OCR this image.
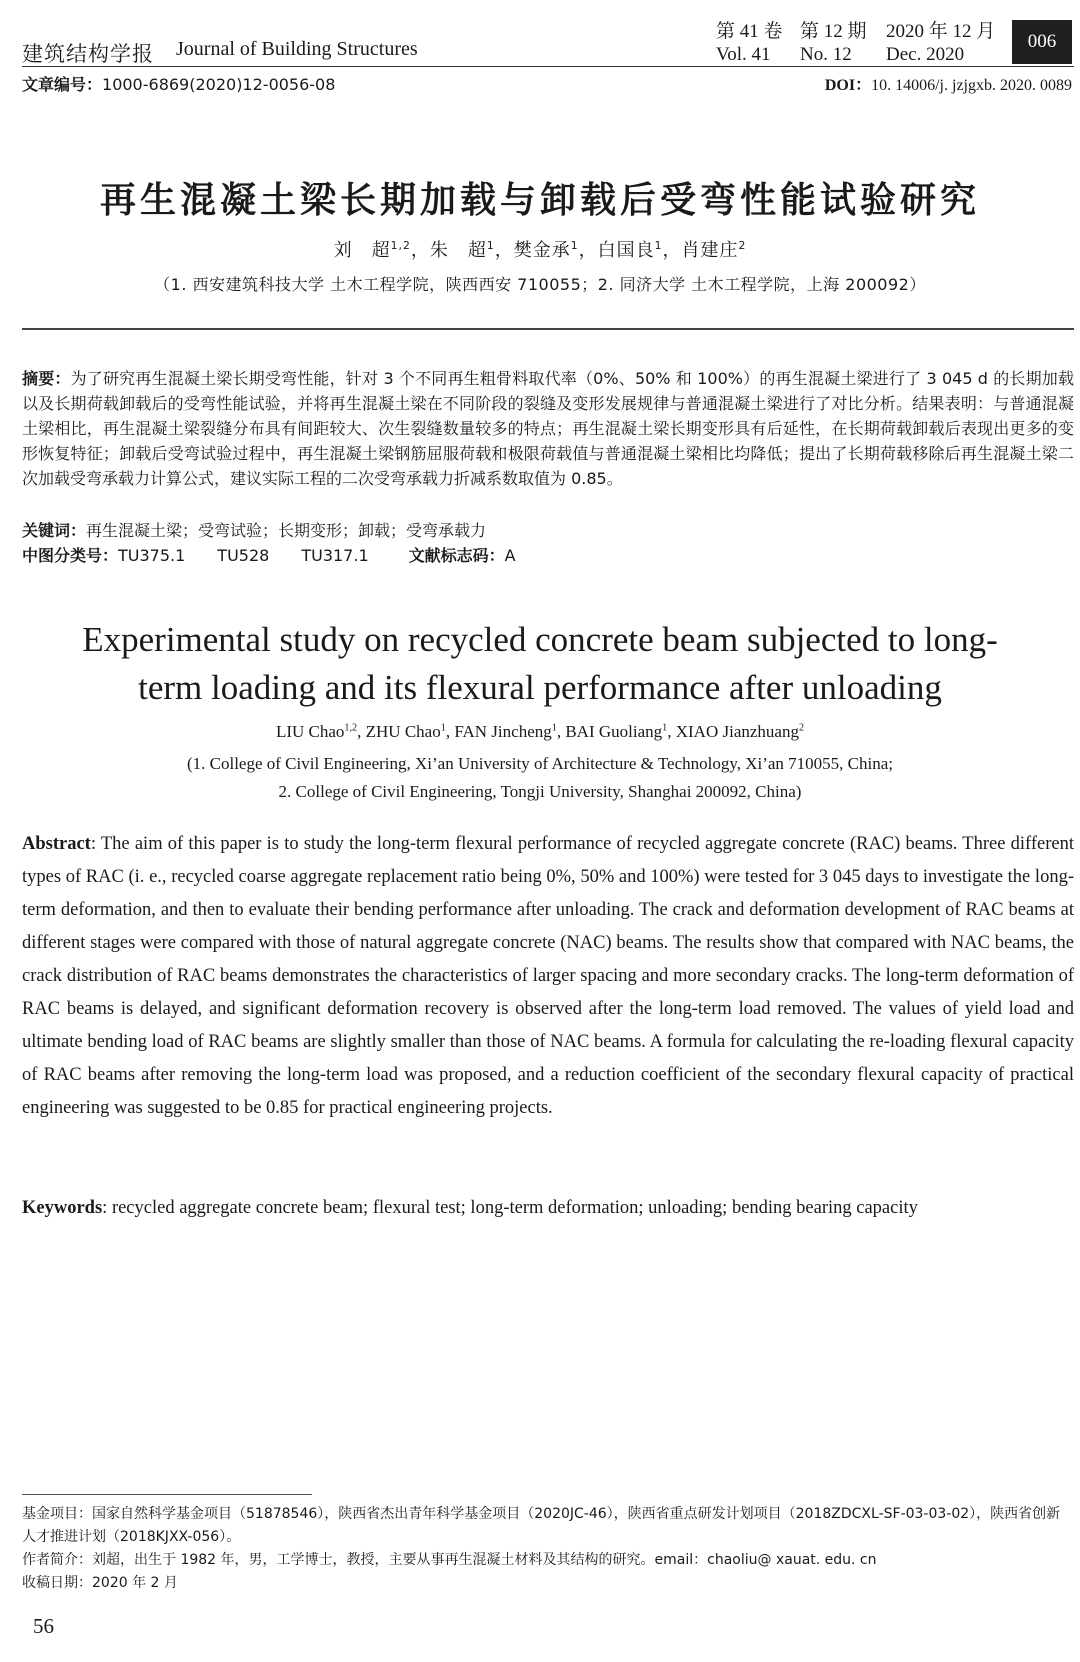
建筑结构学报 Journal of Building Structures
第 41 卷 第 12 期	2020 年 12 月
Vol. 41	No. 12	Dec. 2020
006
文章编号：1000-6869(2020)12-0056-08	DOI：10. 14006/j. jzjgxb. 2020. 0089
再生混凝土梁长期加载与卸载后受弯性能试验研究
刘　超$^{1,2}$，朱　超$^1$，樊金承$^1$，白国良$^1$，肖建庄$^2$
（1. 西安建筑科技大学 土木工程学院，陕西西安 710055；2. 同济大学 土木工程学院，上海 200092）
摘要：为了研究再生混凝土梁长期受弯性能，针对 3 个不同再生粗骨料取代率（0%、50% 和 100%）的再生混凝土梁进行了 3 045 d 的长期加载以及长期荷载卸载后的受弯性能试验，并将再生混凝土梁在不同阶段的裂缝及变形发展规律与普通混凝土梁进行了对比分析。结果表明：与普通混凝土梁相比，再生混凝土梁裂缝分布具有间距较大、次生裂缝数量较多的特点；再生混凝土梁长期变形具有后延性，在长期荷载卸载后表现出更多的变形恢复特征；卸载后受弯试验过程中，再生混凝土梁钢筋屈服荷载和极限荷载值与普通混凝土梁相比均降低；提出了长期荷载移除后再生混凝土梁二次加载受弯承载力计算公式，建议实际工程的二次受弯承载力折减系数取值为 0.85。
关键词：再生混凝土梁；受弯试验；长期变形；卸载；受弯承载力
中图分类号：TU375.1　　TU528　　TU317.1	文献标志码：A
Experimental study on recycled concrete beam subjected to long-
term loading and its flexural performance after unloading
LIU Chao$^{1,2}$, ZHU Chao$^1$, FAN Jincheng$^1$, BAI Guoliang$^1$, XIAO Jianzhuang$^2$
(1. College of Civil Engineering, Xi’an University of Architecture & Technology, Xi’an 710055, China;
2. College of Civil Engineering, Tongji University, Shanghai 200092, China)
Abstract: The aim of this paper is to study the long-term flexural performance of recycled aggregate concrete (RAC) beams. Three different types of RAC (i. e., recycled coarse aggregate replacement ratio being 0%, 50% and 100%) were tested for 3 045 days to investigate the long-term deformation, and then to evaluate their bending performance after unloading. The crack and deformation development of RAC beams at different stages were compared with those of natural aggregate concrete (NAC) beams. The results show that compared with NAC beams, the crack distribution of RAC beams demonstrates the characteristics of larger spacing and more secondary cracks. The long-term deformation of RAC beams is delayed, and significant deformation recovery is observed after the long-term load removed. The values of yield load and ultimate bending load of RAC beams are slightly smaller than those of NAC beams. A formula for calculating the re-loading flexural capacity of RAC beams after removing the long-term load was proposed, and a reduction coefficient of the secondary flexural capacity of practical engineering was suggested to be 0.85 for practical engineering projects.
Keywords: recycled aggregate concrete beam; flexural test; long-term deformation; unloading; bending bearing capacity
基金项目：国家自然科学基金项目（51878546），陕西省杰出青年科学基金项目（2020JC-46），陕西省重点研发计划项目（2018ZDCXL-SF-03-03-02），陕西省创新人才推进计划（2018KJXX-056）。
作者简介：刘超，出生于 1982 年，男，工学博士，教授，主要从事再生混凝土材料及其结构的研究。email：chaoliu@ xauat. edu. cn
收稿日期：2020 年 2 月
56
